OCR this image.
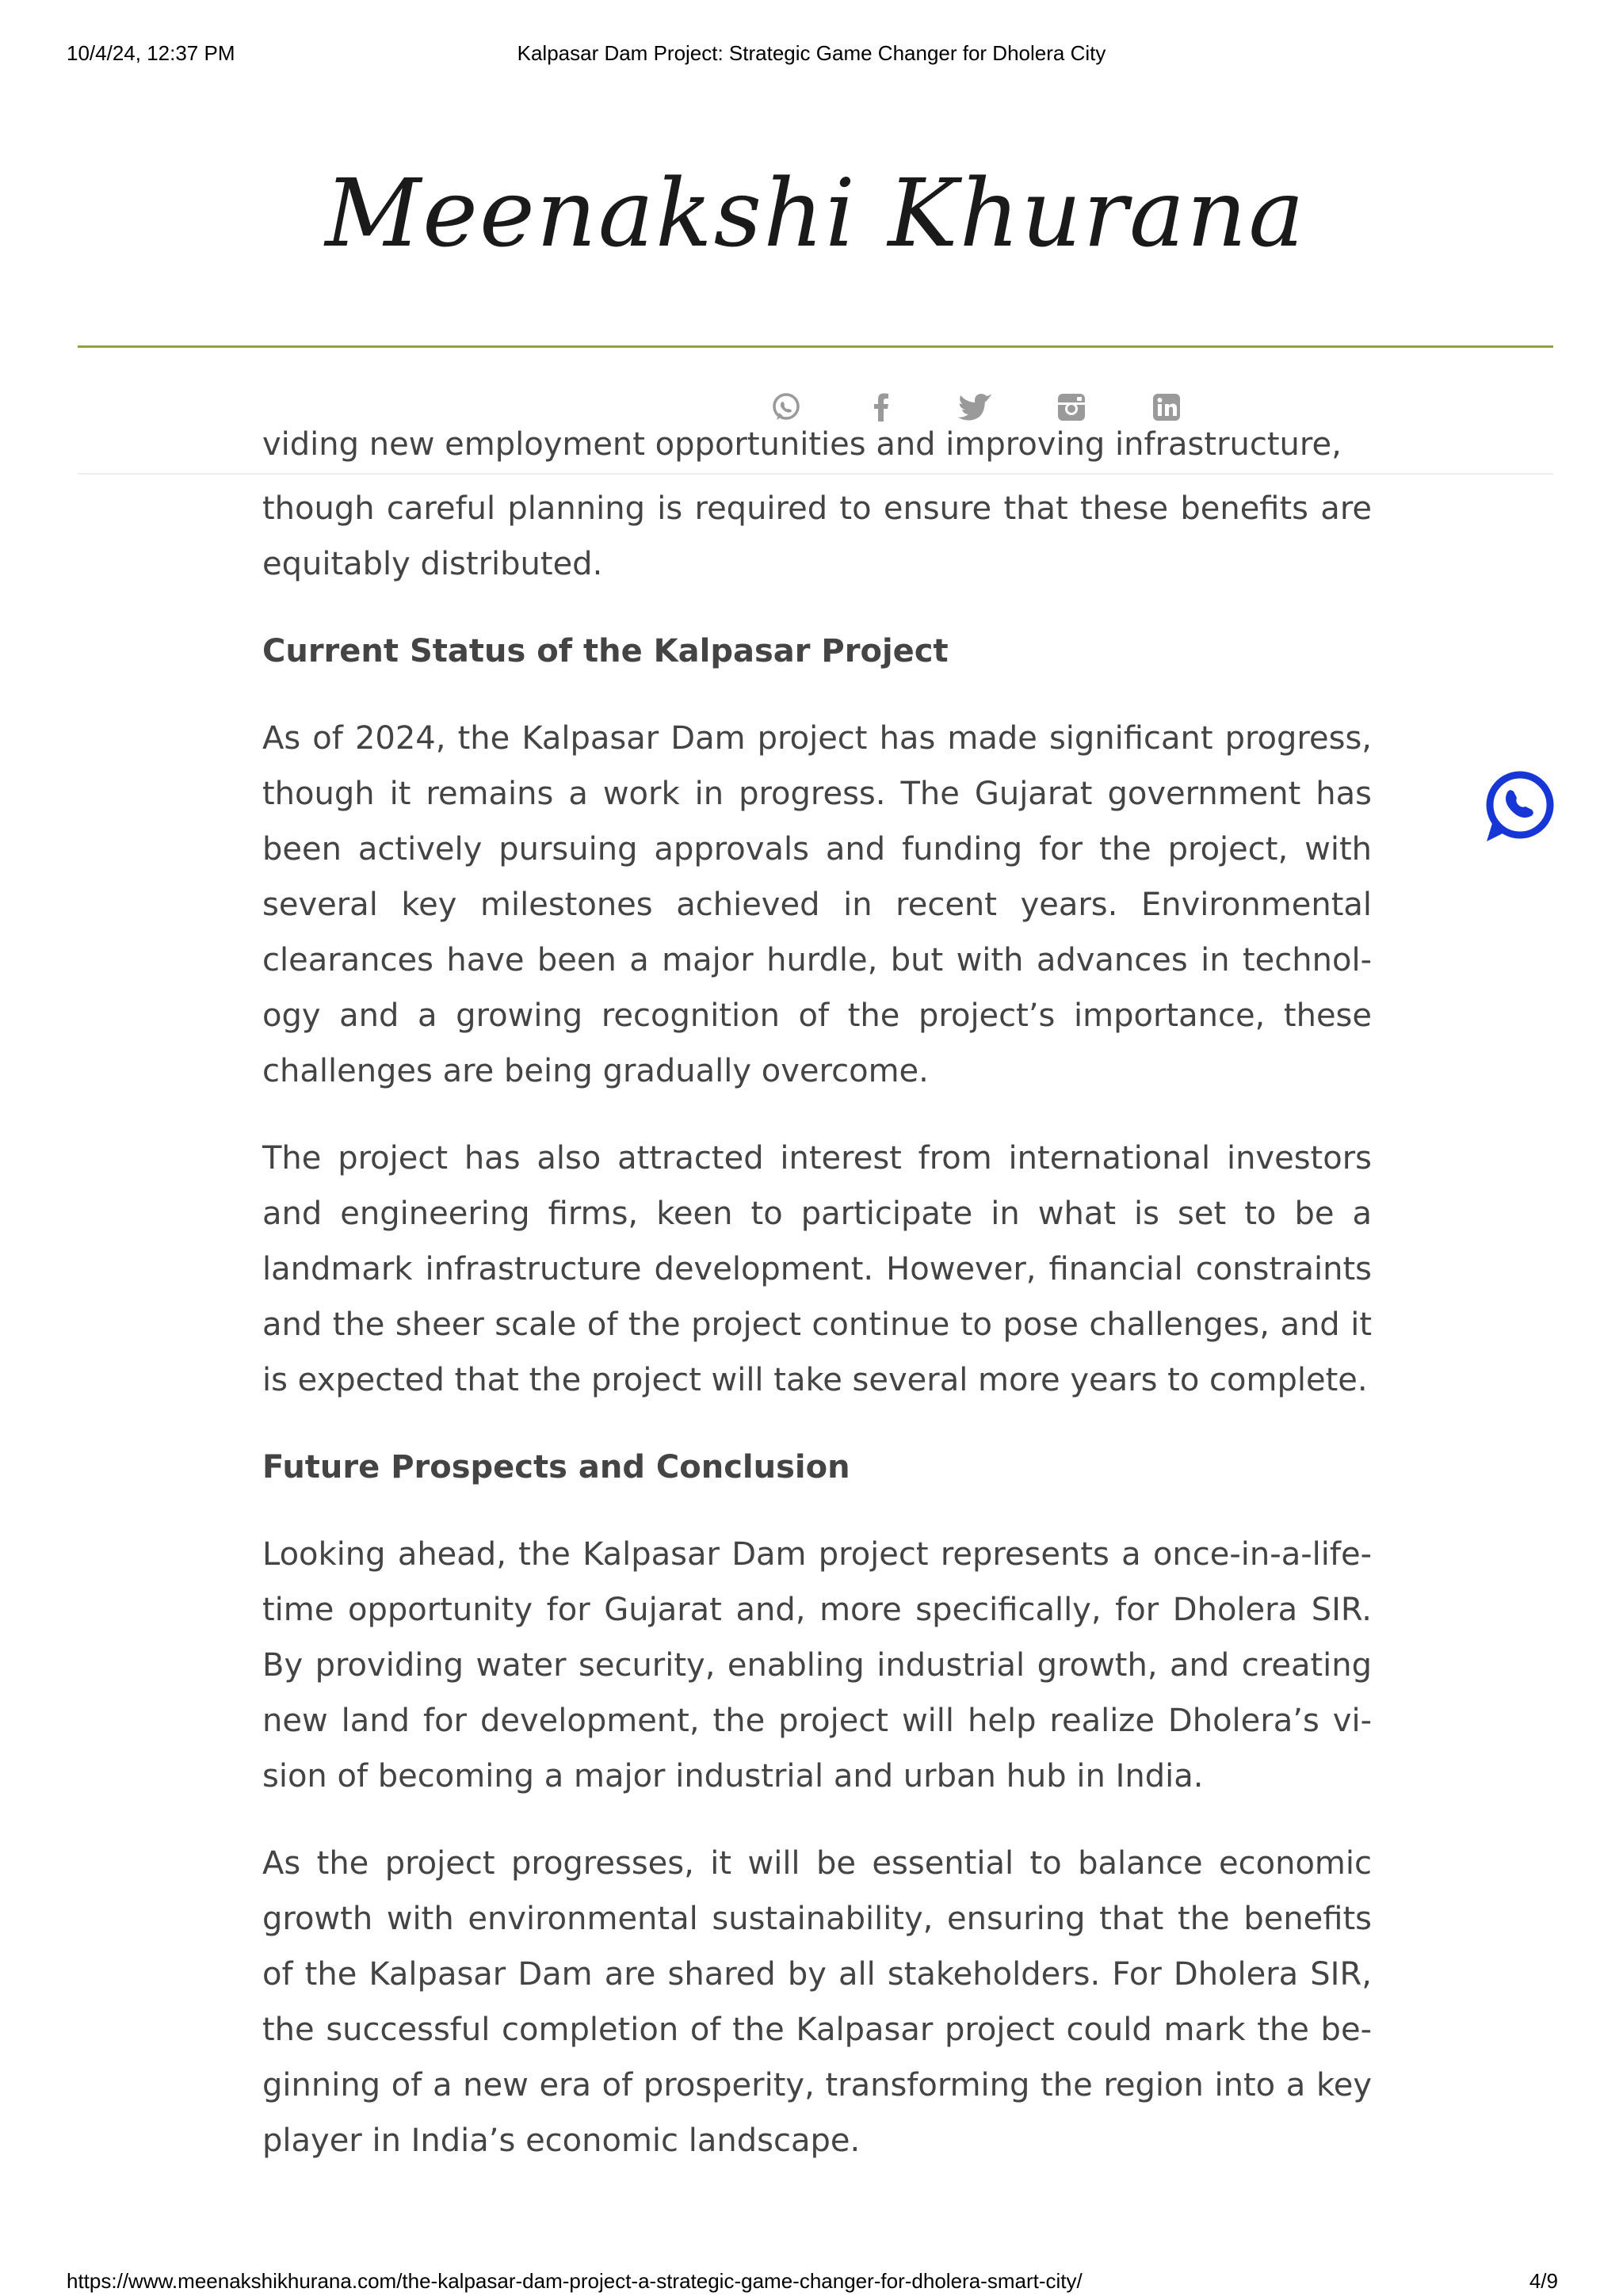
10/4/24, 12:37 PM	Kalpasar Dam Project: Strategic Game Changer for Dholera City
Meenakshi Khurana

viding new employment opportunities and improving infrastructure,

though careful planning is required to ensure that these benefits are equitably distributed.

Current Status of the Kalpasar Project

As of 2024, the Kalpasar Dam project has made significant progress, though it remains a work in progress. The Gujarat government has been actively pursuing approvals and funding for the project, with several key milestones achieved in recent years. Environmental clearances have been a major hurdle, but with advances in technology and a growing recognition of the project’s importance, these challenges are being gradually overcome.

The project has also attracted interest from international investors and engineering firms, keen to participate in what is set to be a landmark infrastructure development. However, financial constraints and the sheer scale of the project continue to pose challenges, and it is expected that the project will take several more years to complete.

Future Prospects and Conclusion

Looking ahead, the Kalpasar Dam project represents a once-in-a-lifetime opportunity for Gujarat and, more specifically, for Dholera SIR. By providing water security, enabling industrial growth, and creating new land for development, the project will help realize Dholera’s vision of becoming a major industrial and urban hub in India.

As the project progresses, it will be essential to balance economic growth with environmental sustainability, ensuring that the benefits of the Kalpasar Dam are shared by all stakeholders. For Dholera SIR, the successful completion of the Kalpasar project could mark the beginning of a new era of prosperity, transforming the region into a key player in India’s economic landscape.

https://www.meenakshikhurana.com/the-kalpasar-dam-project-a-strategic-game-changer-for-dholera-smart-city/	4/9
